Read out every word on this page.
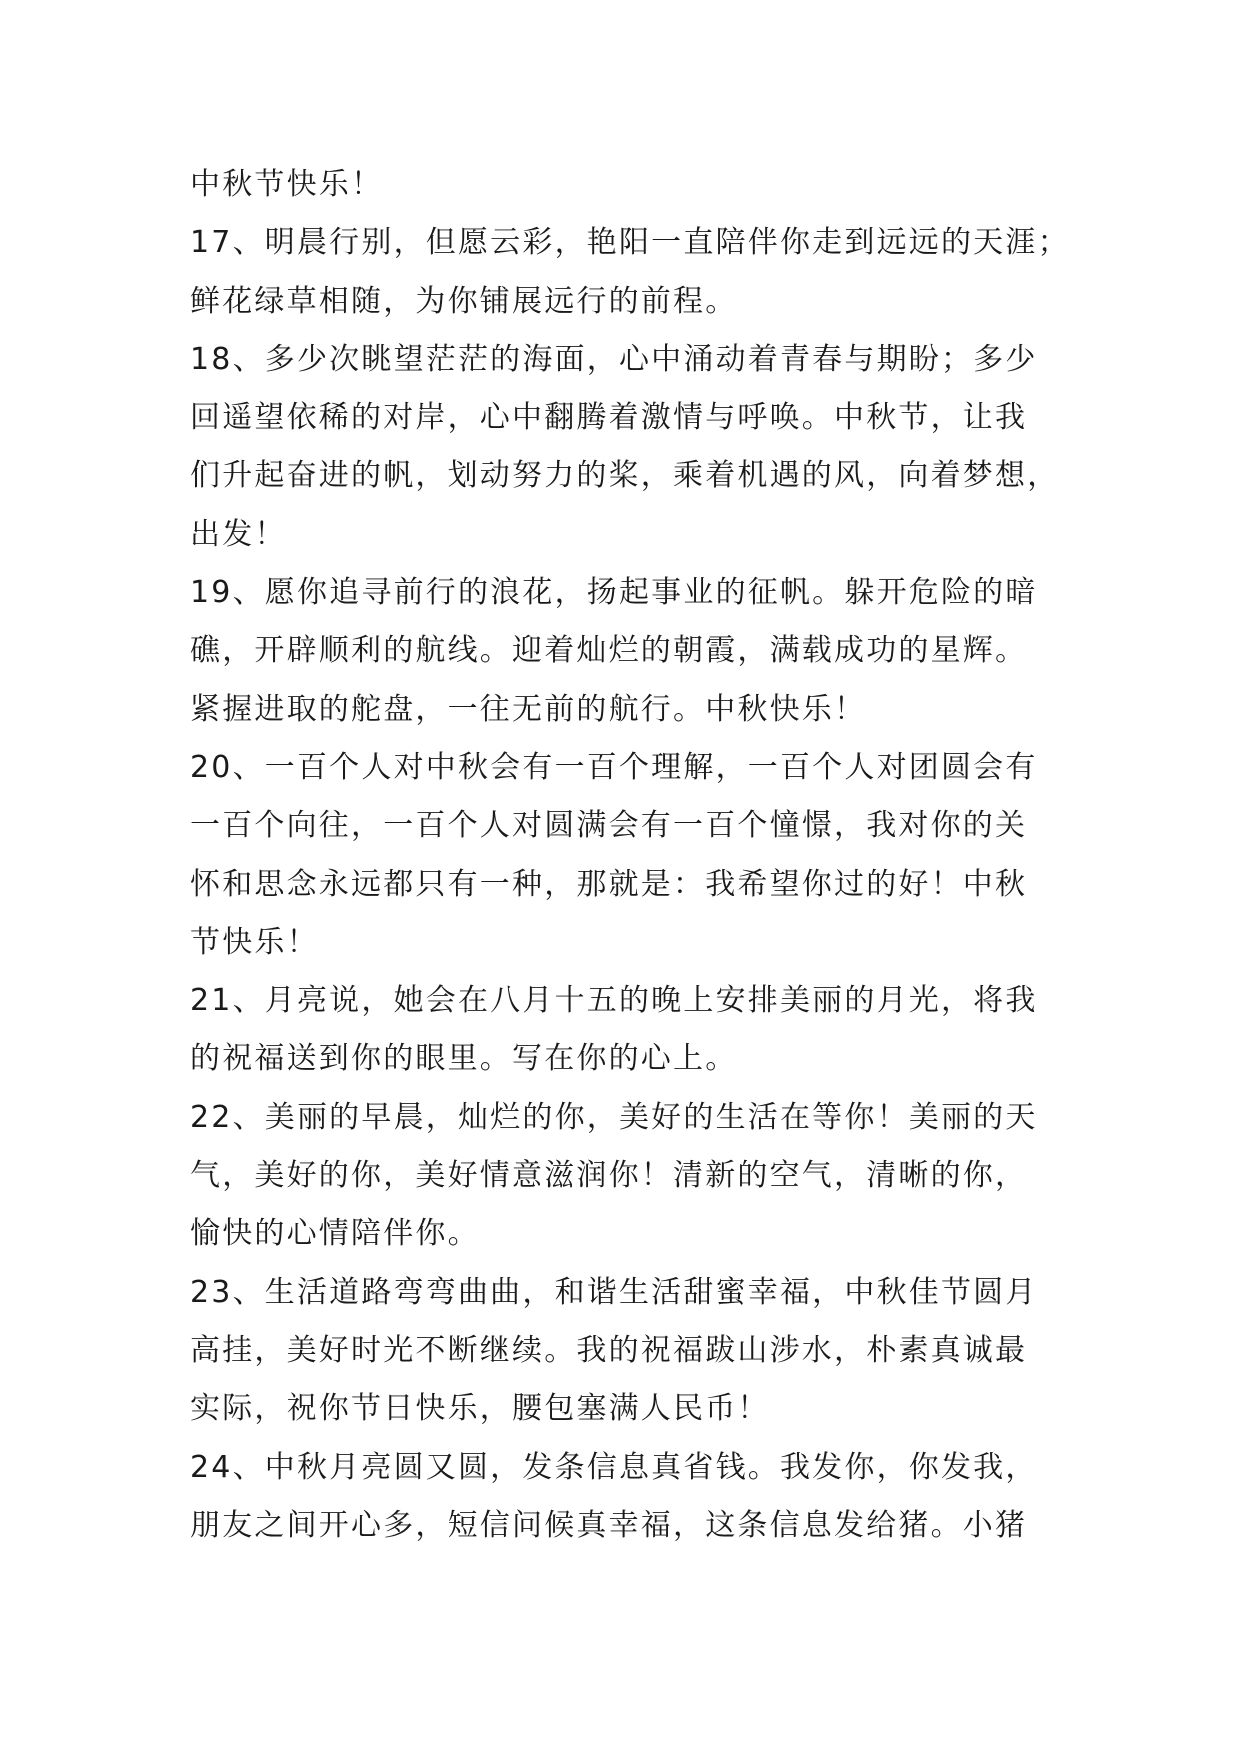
中秋节快乐！
17、明晨行别，但愿云彩，艳阳一直陪伴你走到远远的天涯；
鲜花绿草相随，为你铺展远行的前程。
18、多少次眺望茫茫的海面，心中涌动着青春与期盼；多少
回遥望依稀的对岸，心中翻腾着激情与呼唤。中秋节，让我
们升起奋进的帆，划动努力的桨，乘着机遇的风，向着梦想，
出发！
19、愿你追寻前行的浪花，扬起事业的征帆。躲开危险的暗
礁，开辟顺利的航线。迎着灿烂的朝霞，满载成功的星辉。
紧握进取的舵盘，一往无前的航行。中秋快乐！
20、一百个人对中秋会有一百个理解，一百个人对团圆会有
一百个向往，一百个人对圆满会有一百个憧憬，我对你的关
怀和思念永远都只有一种，那就是：我希望你过的好！中秋
节快乐！
21、月亮说，她会在八月十五的晚上安排美丽的月光，将我
的祝福送到你的眼里。写在你的心上。
22、美丽的早晨，灿烂的你，美好的生活在等你！美丽的天
气，美好的你，美好情意滋润你！清新的空气，清晰的你，
愉快的心情陪伴你。
23、生活道路弯弯曲曲，和谐生活甜蜜幸福，中秋佳节圆月
高挂，美好时光不断继续。我的祝福跋山涉水，朴素真诚最
实际，祝你节日快乐，腰包塞满人民币！
24、中秋月亮圆又圆，发条信息真省钱。我发你，你发我，
朋友之间开心多，短信问候真幸福，这条信息发给猪。小猪
